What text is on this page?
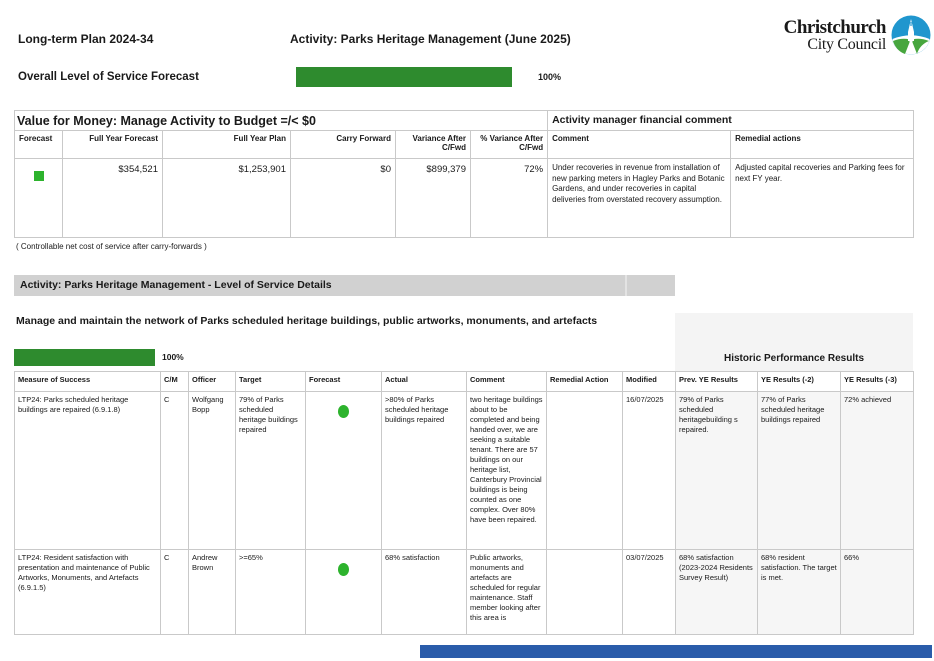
Long-term Plan 2024-34	Activity: Parks Heritage Management (June 2025)
Christchurch
City Council
Overall Level of Service Forecast	100%
Value for Money: Manage Activity to Budget =/< $0						Activity manager financial comment	
Forecast	Full Year Forecast	Full Year Plan	Carry Forward	Variance After C/Fwd	% Variance After C/Fwd	Comment	Remedial actions

	$354,521	$1,253,901	$0	$899,379	72%	Under recoveries in revenue from installation of new parking meters in Hagley Parks and Botanic Gardens, and under recoveries in capital deliveries from overstated recovery assumption.	Adjusted capital recoveries and Parking fees for next FY year.
( Controllable net cost of service after carry-forwards )
Activity: Parks Heritage Management - Level of Service Details
Manage and maintain the network of Parks scheduled heritage buildings, public artworks, monuments, and artefacts
Historic Performance Results
100%
Measure of Success	C/M	Officer	Target	Forecast	Actual	Comment	Remedial Action	Modified	Prev. YE Results	YE Results (-2)	YE Results (-3)
LTP24: Parks scheduled heritage buildings are repaired (6.9.1.8)	C	Wolfgang Bopp	79% of Parks scheduled heritage buildings repaired		>80% of Parks scheduled heritage buildings repaired	two heritage buildings about to be completed and being handed over, we are seeking a suitable tenant. There are 57 buildings on our heritage list, Canterbury Provincial buildings is being counted as one complex. Over 80% have been repaired.		16/07/2025	79% of Parks scheduled heritagebuilding s repaired.	77% of Parks scheduled heritage buildings repaired	72% achieved
LTP24: Resident satisfaction with presentation and maintenance of Public Artworks, Monuments, and Artefacts (6.9.1.5)	C	Andrew Brown	>=65%		68% satisfaction	Public artworks, monuments and artefacts are scheduled for regular maintenance. Staff member looking after this area is		03/07/2025	68% satisfaction (2023-2024 Residents Survey Result)	68% resident satisfaction. The target is met.	66%
